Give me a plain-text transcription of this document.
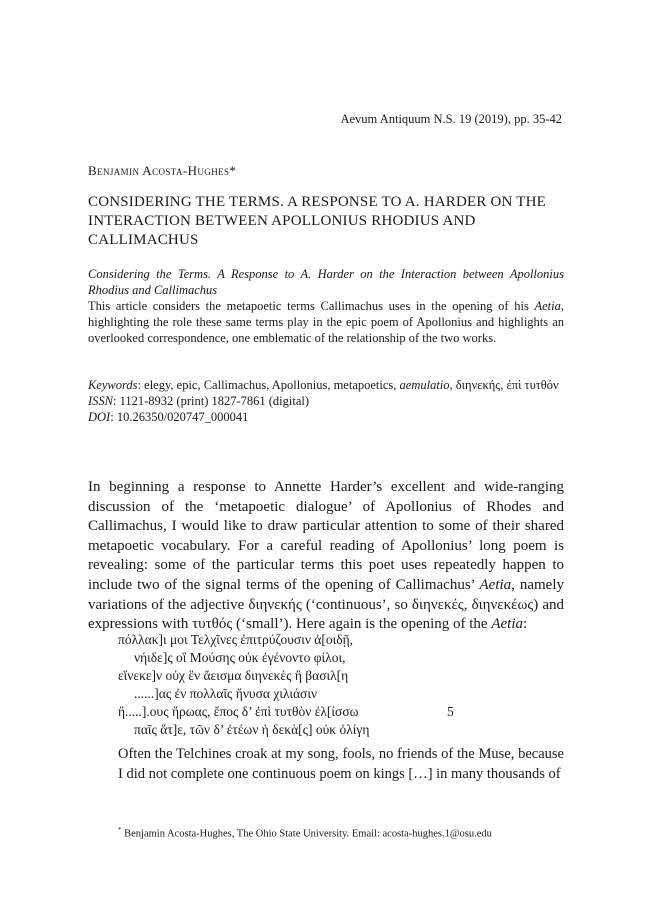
Aevum Antiquum N.S. 19 (2019), pp. 35-42
Benjamin Acosta-Hughes*
CONSIDERING THE TERMS. A RESPONSE TO A. HARDER ON THE INTERACTION BETWEEN APOLLONIUS RHODIUS AND CALLIMACHUS

Considering the Terms. A Response to A. Harder on the Interaction between Apollonius Rhodius and Callimachus

This article considers the metapoetic terms Callimachus uses in the opening of his Aetia, highlighting the role these same terms play in the epic poem of Apollonius and highlights an overlooked correspondence, one emblematic of the relationship of the two works.

Keywords: elegy, epic, Callimachus, Apollonius, metapoetics, aemulatio, διηνεκής, ἐπὶ τυτθόν

ISSN: 1121-8932 (print) 1827-7861 (digital)

DOI: 10.26350/020747_000041

In beginning a response to Annette Harder’s excellent and wide-ranging discussion of the ‘metapoetic dialogue’ of Apollonius of Rhodes and Callimachus, I would like to draw particular attention to some of their shared metapoetic vocabulary. For a careful reading of Apollonius’ long poem is revealing: some of the particular terms this poet uses repeatedly happen to include two of the signal terms of the opening of Callimachus’ Aetia, namely variations of the adjective διηνεκής (‘continuous’, so διηνεκές, διηνεκέως) and expressions with τυτθός (‘small’). Here again is the opening of the Aetia:

πόλλακ]ι μοι Τελχῖνες ἐπιτρύζουσιν ἀ[οιδῇ,
νήιδε]ς οἳ Μούσης οὐκ ἐγένοντο φίλοι,
εἵνεκε]ν οὐχ ἓν ἄεισμα διηνεκὲς ἢ βασιλ[η
......]ας ἐν πολλαῖς ἤνυσα χιλιάσιν
ἢ.....].ους ἥρωας, ἔπος δ’ ἐπὶ τυτθὸν ἐλ[ίσσω	5
παῖς ἅτ]ε, τῶν δ’ ἐτέων ἡ δεκὰ[ς] οὐκ ὀλίγη

Often the Telchines croak at my song, fools, no friends of the Muse, because I did not complete one continuous poem on kings […] in many thousands of

* Benjamin Acosta-Hughes, The Ohio State University. Email: acosta-hughes.1@osu.edu
